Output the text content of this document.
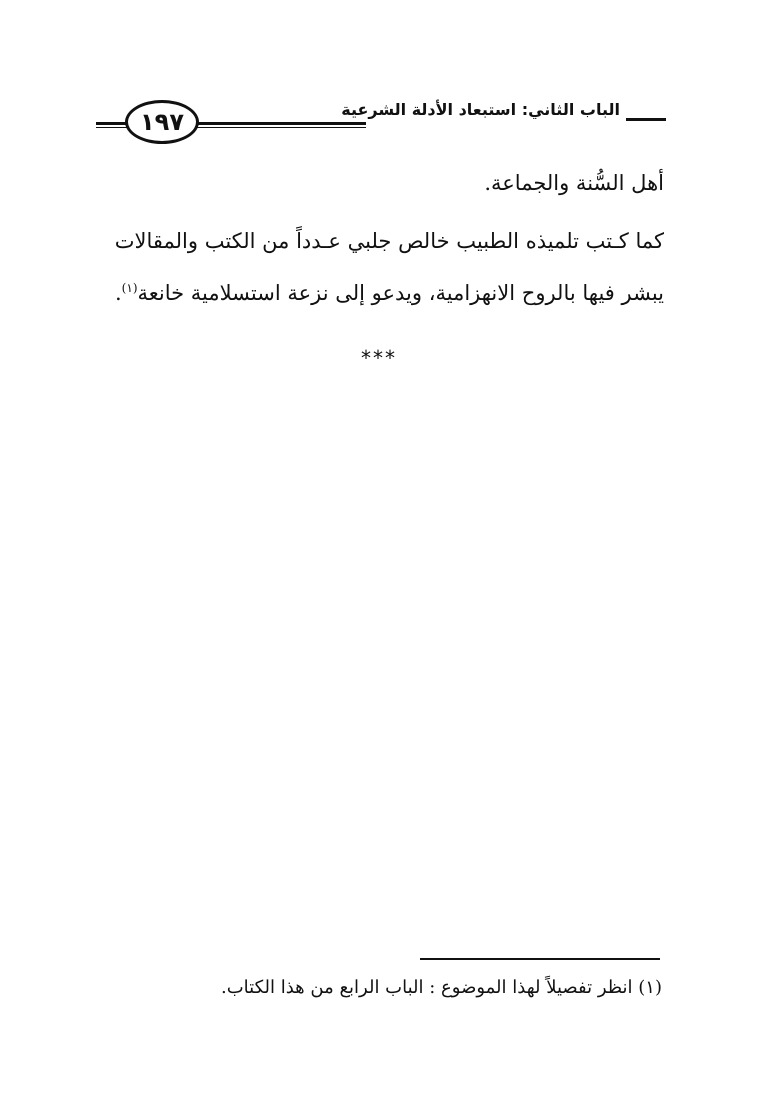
الباب الثاني: استبعاد الأدلة الشرعية
١٩٧
أهل السُّنة والجماعة.
كما كـتب تلميذه الطبيب خالص جلبي عـدداً من الكتب والمقالات
يبشر فيها بالروح الانهزامية، ويدعو إلى نزعة استسلامية خانعة$^{(١)}$.
***
(١) انظر تفصيلاً لهذا الموضوع : الباب الرابع من هذا الكتاب.
